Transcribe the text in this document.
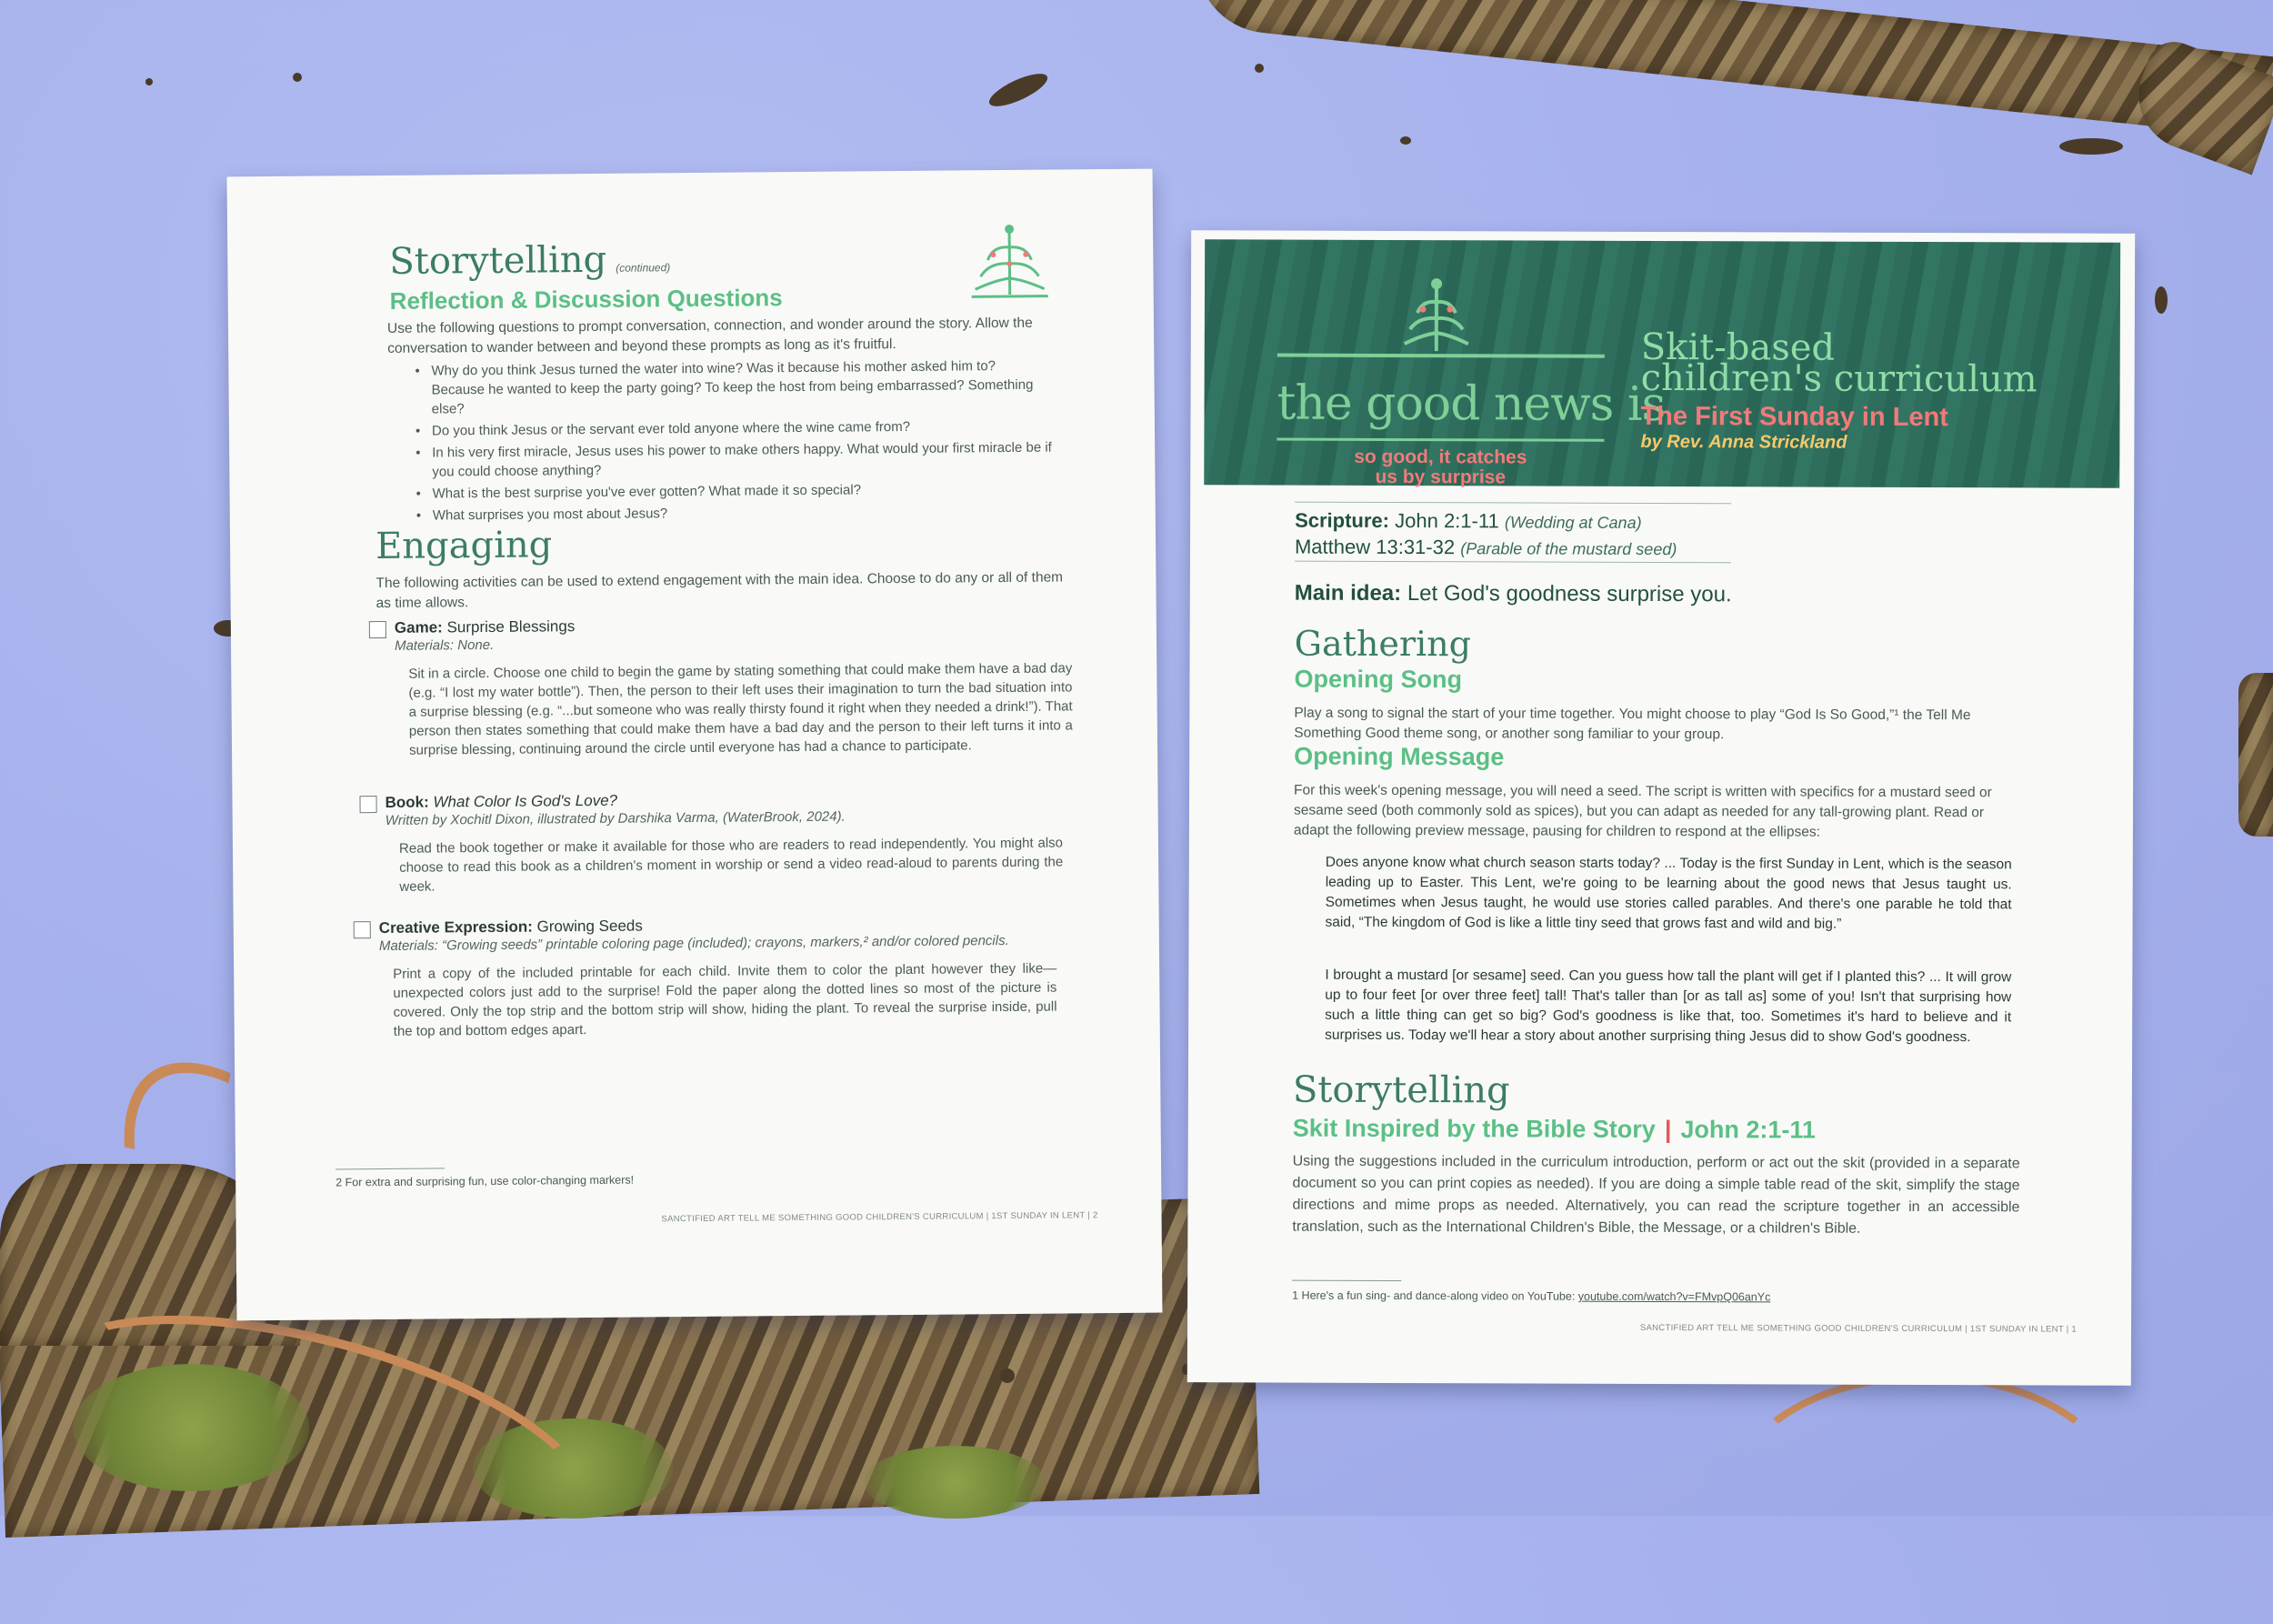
Storytelling (continued)
Reflection & Discussion Questions
Use the following questions to prompt conversation, connection, and wonder around the story. Allow the conversation to wander between and beyond these prompts as long as it's fruitful.
• Why do you think Jesus turned the water into wine? Was it because his mother asked him to? Because he wanted to keep the party going? To keep the host from being embarrassed? Something else?
• Do you think Jesus or the servant ever told anyone where the wine came from?
• In his very first miracle, Jesus uses his power to make others happy. What would your first miracle be if you could choose anything?
• What is the best surprise you've ever gotten? What made it so special?
• What surprises you most about Jesus?
Engaging
The following activities can be used to extend engagement with the main idea. Choose to do any or all of them as time allows.
Game: Surprise Blessings
Materials: None.
Sit in a circle. Choose one child to begin the game by stating something that could make them have a bad day (e.g. “I lost my water bottle”). Then, the person to their left uses their imagination to turn the bad situation into a surprise blessing (e.g. “...but someone who was really thirsty found it right when they needed a drink!”). That person then states something that could make them have a bad day and the person to their left turns it into a surprise blessing, continuing around the circle until everyone has had a chance to participate.
Book: What Color Is God's Love?
Written by Xochitl Dixon, illustrated by Darshika Varma, (WaterBrook, 2024).
Read the book together or make it available for those who are readers to read independently. You might also choose to read this book as a children's moment in worship or send a video read-aloud to parents during the week.
Creative Expression: Growing Seeds
Materials: “Growing seeds” printable coloring page (included); crayons, markers,² and/or colored pencils.
Print a copy of the included printable for each child. Invite them to color the plant however they like—unexpected colors just add to the surprise! Fold the paper along the dotted lines so most of the picture is covered. Only the top strip and the bottom strip will show, hiding the plant. To reveal the surprise inside, pull the top and bottom edges apart.
2 For extra and surprising fun, use color-changing markers!
SANCTIFIED ART TELL ME SOMETHING GOOD CHILDREN'S CURRICULUM | 1ST SUNDAY IN LENT | 2
the good news is
so good, it catches us by surprise
Skit-based
children's curriculum
The First Sunday in Lent
by Rev. Anna Strickland
Scripture: John 2:1-11 (Wedding at Cana)
Matthew 13:31-32 (Parable of the mustard seed)
Main idea: Let God's goodness surprise you.
Gathering
Opening Song
Play a song to signal the start of your time together. You might choose to play “God Is So Good,”¹ the Tell Me Something Good theme song, or another song familiar to your group.
Opening Message
For this week's opening message, you will need a seed. The script is written with specifics for a mustard seed or sesame seed (both commonly sold as spices), but you can adapt as needed for any tall-growing plant. Read or adapt the following preview message, pausing for children to respond at the ellipses:
Does anyone know what church season starts today? ... Today is the first Sunday in Lent, which is the season leading up to Easter. This Lent, we're going to be learning about the good news that Jesus taught us. Sometimes when Jesus taught, he would use stories called parables. And there's one parable he told that said, “The kingdom of God is like a little tiny seed that grows fast and wild and big.”
I brought a mustard [or sesame] seed. Can you guess how tall the plant will get if I planted this? ... It will grow up to four feet [or over three feet] tall! That's taller than [or as tall as] some of you! Isn't that surprising how such a little thing can get so big? God's goodness is like that, too. Sometimes it's hard to believe and it surprises us. Today we'll hear a story about another surprising thing Jesus did to show God's goodness.
Storytelling
Skit Inspired by the Bible Story | John 2:1-11
Using the suggestions included in the curriculum introduction, perform or act out the skit (provided in a separate document so you can print copies as needed). If you are doing a simple table read of the skit, simplify the stage directions and mime props as needed. Alternatively, you can read the scripture together in an accessible translation, such as the International Children's Bible, the Message, or a children's Bible.
1 Here's a fun sing- and dance-along video on YouTube: youtube.com/watch?v=FMvpQ06anYc
SANCTIFIED ART TELL ME SOMETHING GOOD CHILDREN'S CURRICULUM | 1ST SUNDAY IN LENT | 1
